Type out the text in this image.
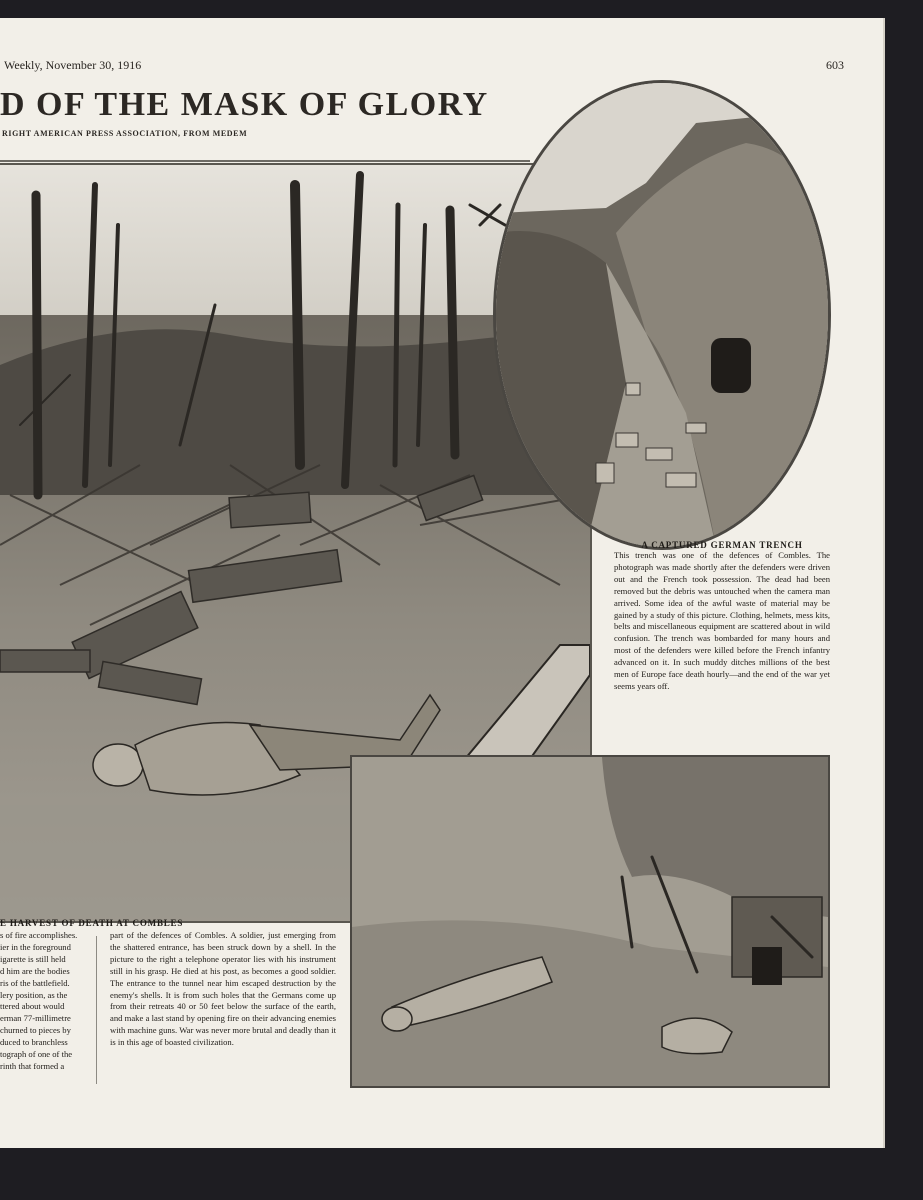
Weekly, November 30, 1916	603
D OF THE MASK OF GLORY
RIGHT AMERICAN PRESS ASSOCIATION, FROM MEDEM
A CAPTURED GERMAN TRENCH
This trench was one of the defences of Combles. The photograph was made shortly after the defenders were driven out and the French took possession. The dead had been removed but the debris was untouched when the camera man arrived. Some idea of the awful waste of material may be gained by a study of this picture. Clothing, helmets, mess kits, belts and miscellaneous equipment are scattered about in wild confusion. The trench was bombarded for many hours and most of the defenders were killed before the French infantry advanced on it. In such muddy ditches millions of the best men of Europe face death hourly—and the end of the war yet seems years off.
E HARVEST OF DEATH AT COMBLES
s of fire accomplishes.
ier in the foreground
igarette is still held
d him are the bodies
ris of the battlefield.
lery position, as the
ttered about would
erman 77-millimetre
churned to pieces by
duced to branchless
tograph of one of the
rinth that formed a
part of the defences of Combles. A soldier, just emerging from the shattered entrance, has been struck down by a shell. In the picture to the right a telephone operator lies with his instrument still in his grasp. He died at his post, as becomes a good soldier. The entrance to the tunnel near him escaped destruction by the enemy's shells. It is from such holes that the Germans come up from their retreats 40 or 50 feet below the surface of the earth, and make a last stand by opening fire on their advancing enemies with machine guns. War was never more brutal and deadly than it is in this age of boasted civilization.
